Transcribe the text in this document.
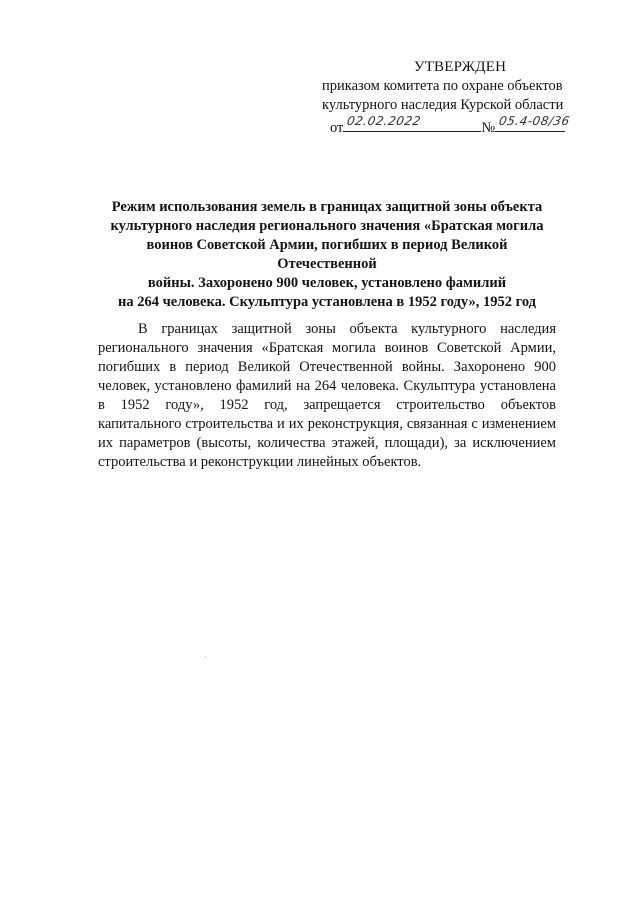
УТВЕРЖДЕН
приказом комитета по охране объектов
культурного наследия Курской области
от 02.02.2022	№ 05.4-08/36
Режим использования земель в границах защитной зоны объекта
культурного наследия регионального значения «Братская могила
воинов Советской Армии, погибших в период Великой Отечественной
войны. Захоронено 900 человек, установлено фамилий
на 264 человека. Скульптура установлена в 1952 году», 1952 год
В границах защитной зоны объекта культурного наследия регионального значения «Братская могила воинов Советской Армии, погибших в период Великой Отечественной войны. Захоронено 900 человек, установлено фамилий на 264 человека. Скульптура установлена в 1952 году», 1952 год, запрещается строительство объектов капитального строительства и их реконструкция, связанная с изменением их параметров (высоты, количества этажей, площади), за исключением строительства и реконструкции линейных объектов.
